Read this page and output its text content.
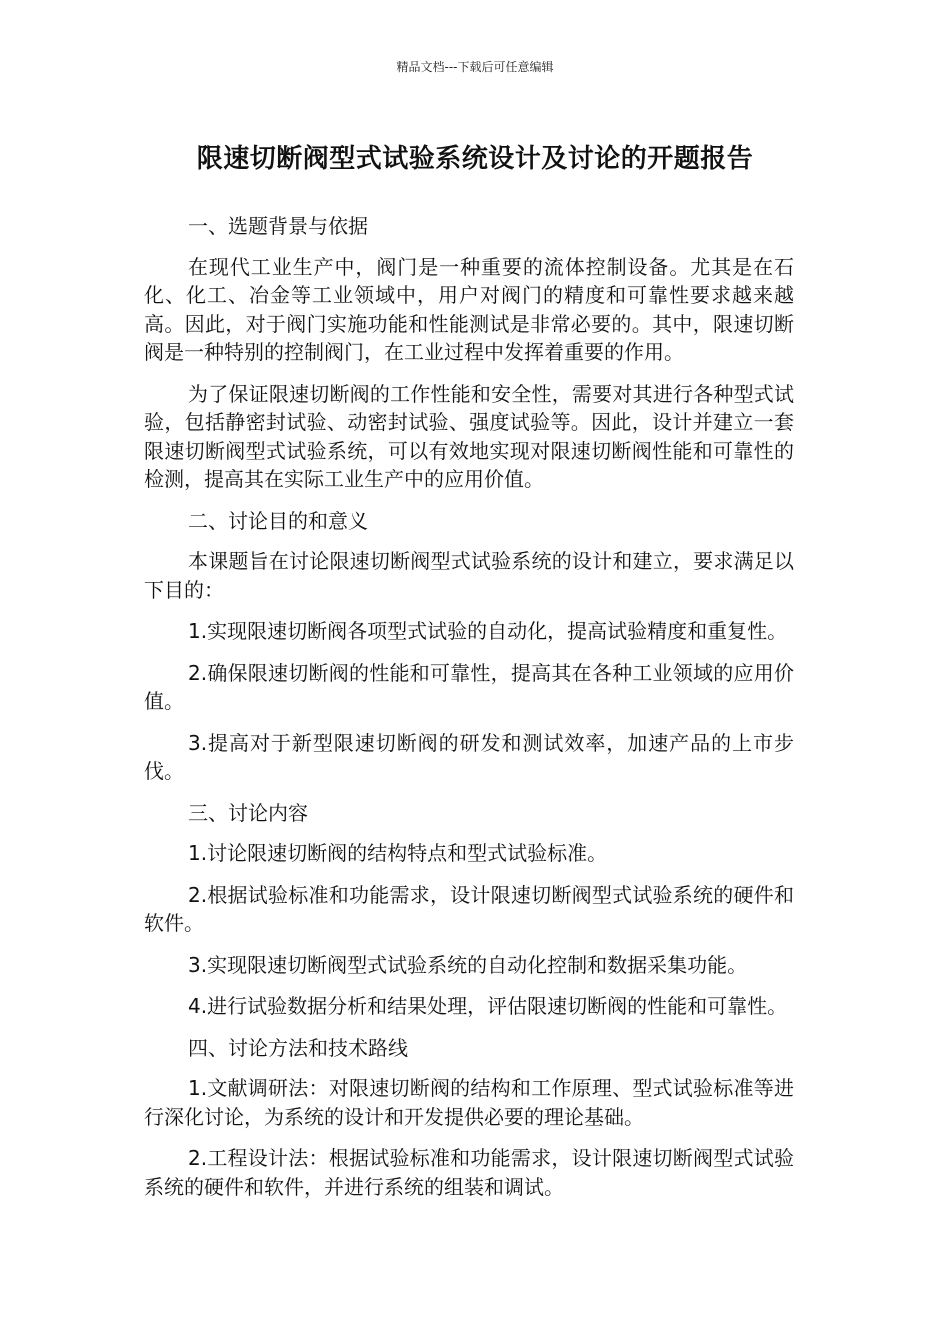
精品文档---下载后可任意编辑
限速切断阀型式试验系统设计及讨论的开题报告

一、选题背景与依据

在现代工业生产中，阀门是一种重要的流体控制设备。尤其是在石化、化工、冶金等工业领域中，用户对阀门的精度和可靠性要求越来越高。因此，对于阀门实施功能和性能测试是非常必要的。其中，限速切断阀是一种特别的控制阀门，在工业过程中发挥着重要的作用。

为了保证限速切断阀的工作性能和安全性，需要对其进行各种型式试验，包括静密封试验、动密封试验、强度试验等。因此，设计并建立一套限速切断阀型式试验系统，可以有效地实现对限速切断阀性能和可靠性的检测，提高其在实际工业生产中的应用价值。

二、讨论目的和意义

本课题旨在讨论限速切断阀型式试验系统的设计和建立，要求满足以下目的：

1.实现限速切断阀各项型式试验的自动化，提高试验精度和重复性。

2.确保限速切断阀的性能和可靠性，提高其在各种工业领域的应用价值。

3.提高对于新型限速切断阀的研发和测试效率，加速产品的上市步伐。

三、讨论内容

1.讨论限速切断阀的结构特点和型式试验标准。

2.根据试验标准和功能需求，设计限速切断阀型式试验系统的硬件和软件。

3.实现限速切断阀型式试验系统的自动化控制和数据采集功能。

4.进行试验数据分析和结果处理，评估限速切断阀的性能和可靠性。

四、讨论方法和技术路线

1.文献调研法：对限速切断阀的结构和工作原理、型式试验标准等进行深化讨论，为系统的设计和开发提供必要的理论基础。

2.工程设计法：根据试验标准和功能需求，设计限速切断阀型式试验系统的硬件和软件，并进行系统的组装和调试。
